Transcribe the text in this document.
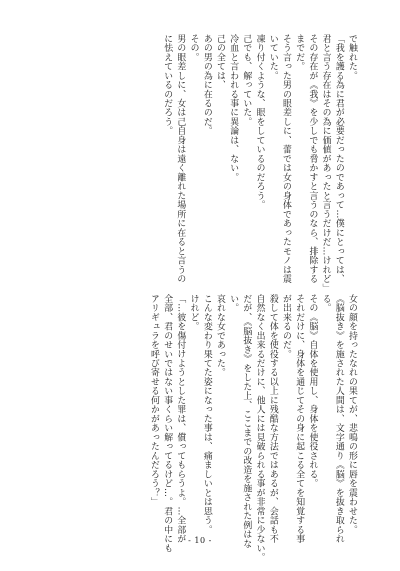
で触れた。
「我を護る為に君が必要だったのであって…僕にとっては、
君と言う存在はその為に価値があったと言うだけだ…けれど」
その存在が《我》を少しでも脅かすと言うのなら、排除する
までだ。
そう言った男の眼差しに、蕾では女の身体であったモノは震
いていた。
凍り付くような、眼をしているのだろう。
己でも、解っていた。
冷血と言われる事に異論は、ない。
己の全ては、
あの男の為に在るのだ。
その。
男の眼差しに、女は己自身は遠く離れた場所に在ると言うの
に怯えているのだろう。
女の顔を持ったなれの果てが、悲鳴の形に唇を震わせた。
《脳抜き》を施された人間は、文字通り《脳》を抜き取られ
る。
その《脳》自体を使用し、身体を使役される。
それだけに、身体を通じてその身に起こる全てを知覚する事
が出来るのだ。
殺して体を使役する以上に残酷な方法ではあるが、会話も不
自然なく出来るだけに、他人には見破られる事が非常に少ない。
だが、《脳抜き》をした上、ここまでの改造を施された例はな
い。
哀れな女であった。
こんな変わり果てた姿になった事は、痛ましいとは思う。
けれど。
「…彼を傷付けようとした罪は、償ってもらうよ。…全部が
全部、君のせいではない事くらい解ってるけど…。君の中にも
アリギュラを呼び寄せる何かがあったんだろう？」
- 10 -
